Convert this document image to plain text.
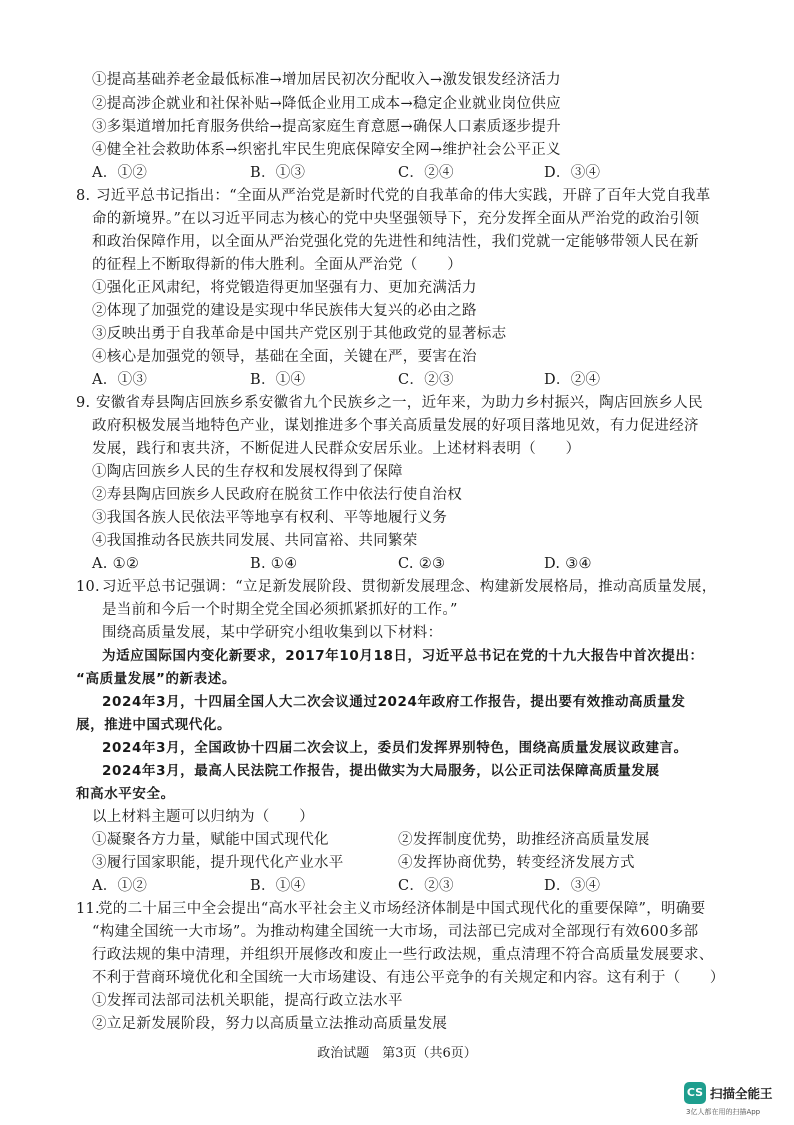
①提高基础养老金最低标准→增加居民初次分配收入→激发银发经济活力
②提高涉企就业和社保补贴→降低企业用工成本→稳定企业就业岗位供应
③多渠道增加托育服务供给→提高家庭生育意愿→确保人口素质逐步提升
④健全社会救助体系→织密扎牢民生兜底保障安全网→维护社会公平正义
A．①②	B．①③	C．②④	D．③④
8. 习近平总书记指出：“全面从严治党是新时代党的自我革命的伟大实践，开辟了百年大党自我革
命的新境界。”在以习近平同志为核心的党中央坚强领导下，充分发挥全面从严治党的政治引领
和政治保障作用，以全面从严治党强化党的先进性和纯洁性，我们党就一定能够带领人民在新
的征程上不断取得新的伟大胜利。全面从严治党（　　）
①强化正风肃纪，将党锻造得更加坚强有力、更加充满活力
②体现了加强党的建设是实现中华民族伟大复兴的必由之路
③反映出勇于自我革命是中国共产党区别于其他政党的显著标志
④核心是加强党的领导，基础在全面，关键在严，要害在治
A．①③	B．①④	C．②③	D．②④
9. 安徽省寿县陶店回族乡系安徽省九个民族乡之一，近年来，为助力乡村振兴，陶店回族乡人民
政府积极发展当地特色产业，谋划推进多个事关高质量发展的好项目落地见效，有力促进经济
发展，践行和衷共济，不断促进人民群众安居乐业。上述材料表明（　　）
①陶店回族乡人民的生存权和发展权得到了保障
②寿县陶店回族乡人民政府在脱贫工作中依法行使自治权
③我国各族人民依法平等地享有权利、平等地履行义务
④我国推动各民族共同发展、共同富裕、共同繁荣
A. ①②	B. ①④	C. ②③	D. ③④
10. 习近平总书记强调：“立足新发展阶段、贯彻新发展理念、构建新发展格局，推动高质量发展，
是当前和今后一个时期全党全国必须抓紧抓好的工作。”
围绕高质量发展，某中学研究小组收集到以下材料：
为适应国际国内变化新要求，2017年10月18日，习近平总书记在党的十九大报告中首次提出：
“高质量发展”的新表述。
2024年3月，十四届全国人大二次会议通过2024年政府工作报告，提出要有效推动高质量发
展，推进中国式现代化。
2024年3月，全国政协十四届二次会议上，委员们发挥界别特色，围绕高质量发展议政建言。
2024年3月，最高人民法院工作报告，提出做实为大局服务，以公正司法保障高质量发展
和高水平安全。
以上材料主题可以归纳为（　　）
①凝聚各方力量，赋能中国式现代化	②发挥制度优势，助推经济高质量发展
③履行国家职能，提升现代化产业水平	④发挥协商优势，转变经济发展方式
A．①②	B．①④	C．②③	D．③④
11.
党的二十届三中全会提出“高水平社会主义市场经济体制是中国式现代化的重要保障”，明确要
“构建全国统一大市场”。为推动构建全国统一大市场，司法部已完成对全部现行有效600多部
行政法规的集中清理，并组织开展修改和废止一些行政法规，重点清理不符合高质量发展要求、
不利于营商环境优化和全国统一大市场建设、有违公平竞争的有关规定和内容。这有利于（　　）
①发挥司法部司法机关职能，提高行政立法水平
②立足新发展阶段，努力以高质量立法推动高质量发展
政治试题　第3页（共6页）
CS 扫描全能王
3亿人都在用的扫描App
